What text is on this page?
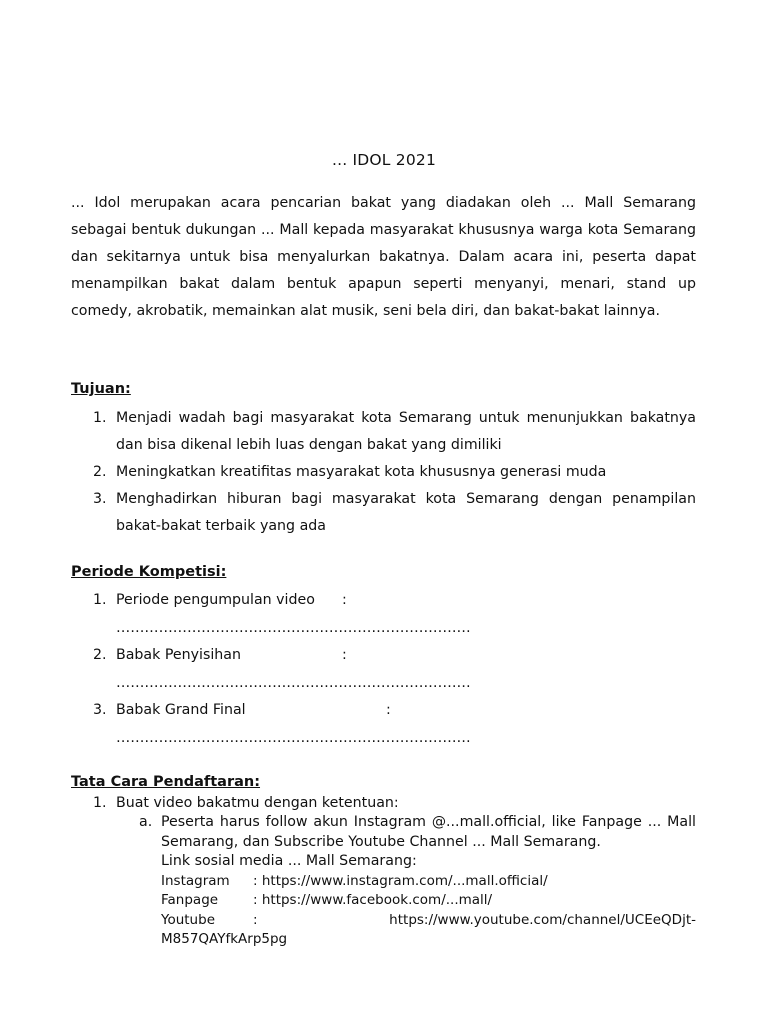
... IDOL 2021

... Idol merupakan acara pencarian bakat yang diadakan oleh ... Mall Semarang sebagai bentuk dukungan ... Mall kepada masyarakat khususnya warga kota Semarang dan sekitarnya untuk bisa menyalurkan bakatnya. Dalam acara ini, peserta dapat menampilkan bakat dalam bentuk apapun seperti menyanyi, menari, stand up comedy, akrobatik, memainkan alat musik, seni bela diri, dan bakat-bakat lainnya.

Tujuan:

1. Menjadi wadah bagi masyarakat kota Semarang untuk menunjukkan bakatnya dan bisa dikenal lebih luas dengan bakat yang dimiliki
2. Meningkatkan kreatifitas masyarakat kota khususnya generasi muda
3. Menghadirkan hiburan bagi masyarakat kota Semarang dengan penampilan bakat-bakat terbaik yang ada

Periode Kompetisi:

1. Periode pengumpulan video :
…………………………………………………………………
2. Babak Penyisihan	:
…………………………………………………………………
3. Babak Grand Final	:
…………………………………………………………………

Tata Cara Pendaftaran:

1. Buat video bakatmu dengan ketentuan:
a. Peserta harus follow akun Instagram @...mall.official, like Fanpage ... Mall Semarang, dan Subscribe Youtube Channel ... Mall Semarang.
Link sosial media ... Mall Semarang:
Instagram : https://www.instagram.com/...mall.official/
Fanpage	: https://www.facebook.com/...mall/
Youtube	:	https://www.youtube.com/channel/UCEeQDjt-
M857QAYfkArp5pg
